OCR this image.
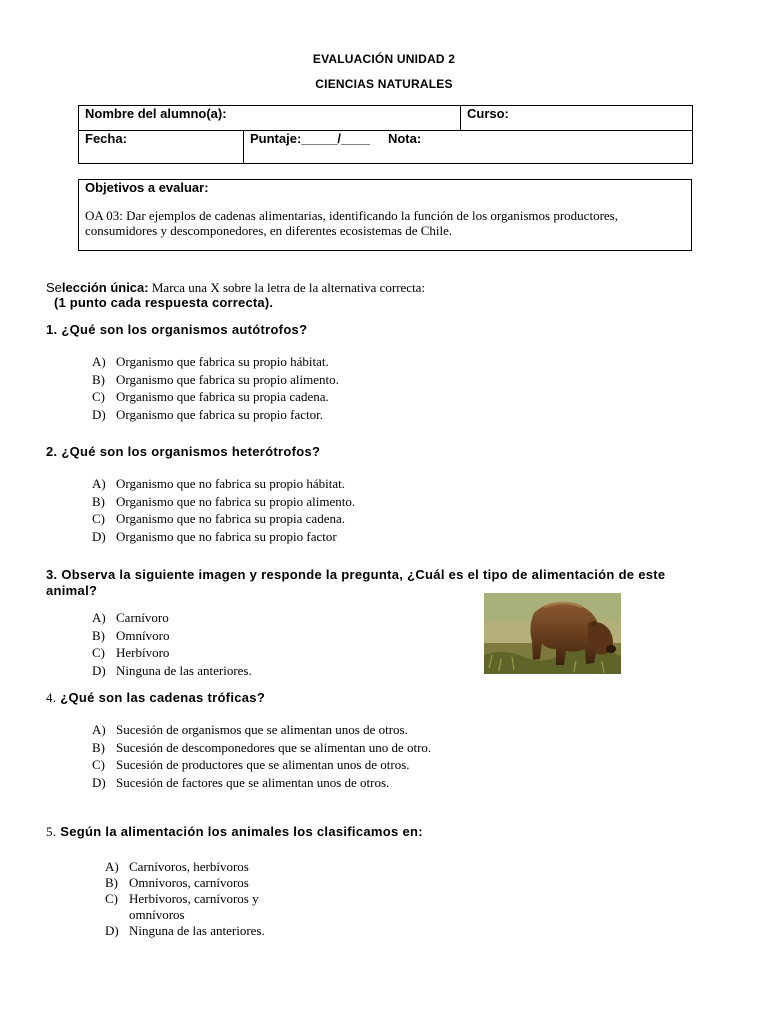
EVALUACIÓN UNIDAD 2
CIENCIAS NATURALES
Nombre del alumno(a):		Curso:
Fecha:	Puntaje:_____/____ Nota:	
Objetivos a evaluar:
OA 03: Dar ejemplos de cadenas alimentarias, identificando la función de los organismos productores, consumidores y descomponedores, en diferentes ecosistemas de Chile.
Selección única: Marca una X sobre la letra de la alternativa correcta:
(1 punto cada respuesta correcta).
1. ¿Qué son los organismos autótrofos?
A) Organismo que fabrica su propio hábitat.
B) Organismo que fabrica su propio alimento.
C) Organismo que fabrica su propia cadena.
D) Organismo que fabrica su propio factor.
2. ¿Qué son los organismos heterótrofos?
A) Organismo que no fabrica su propio hábitat.
B) Organismo que no fabrica su propio alimento.
C) Organismo que no fabrica su propia cadena.
D) Organismo que no fabrica su propio factor
3. Observa la siguiente imagen y responde la pregunta, ¿Cuál es el tipo de alimentación de este animal?
A) Carnívoro
B) Omnívoro
C) Herbívoro
D) Ninguna de las anteriores.
4. ¿Qué son las cadenas tróficas?
A) Sucesión de organismos que se alimentan unos de otros.
B) Sucesión de descomponedores que se alimentan uno de otro.
C) Sucesión de productores que se alimentan unos de otros.
D) Sucesión de factores que se alimentan unos de otros.
5. Según la alimentación los animales los clasificamos en:
A) Carnívoros, herbívoros
B) Omnívoros, carnívoros
C) Herbívoros, carnívoros y omnívoros
D) Ninguna de las anteriores.
